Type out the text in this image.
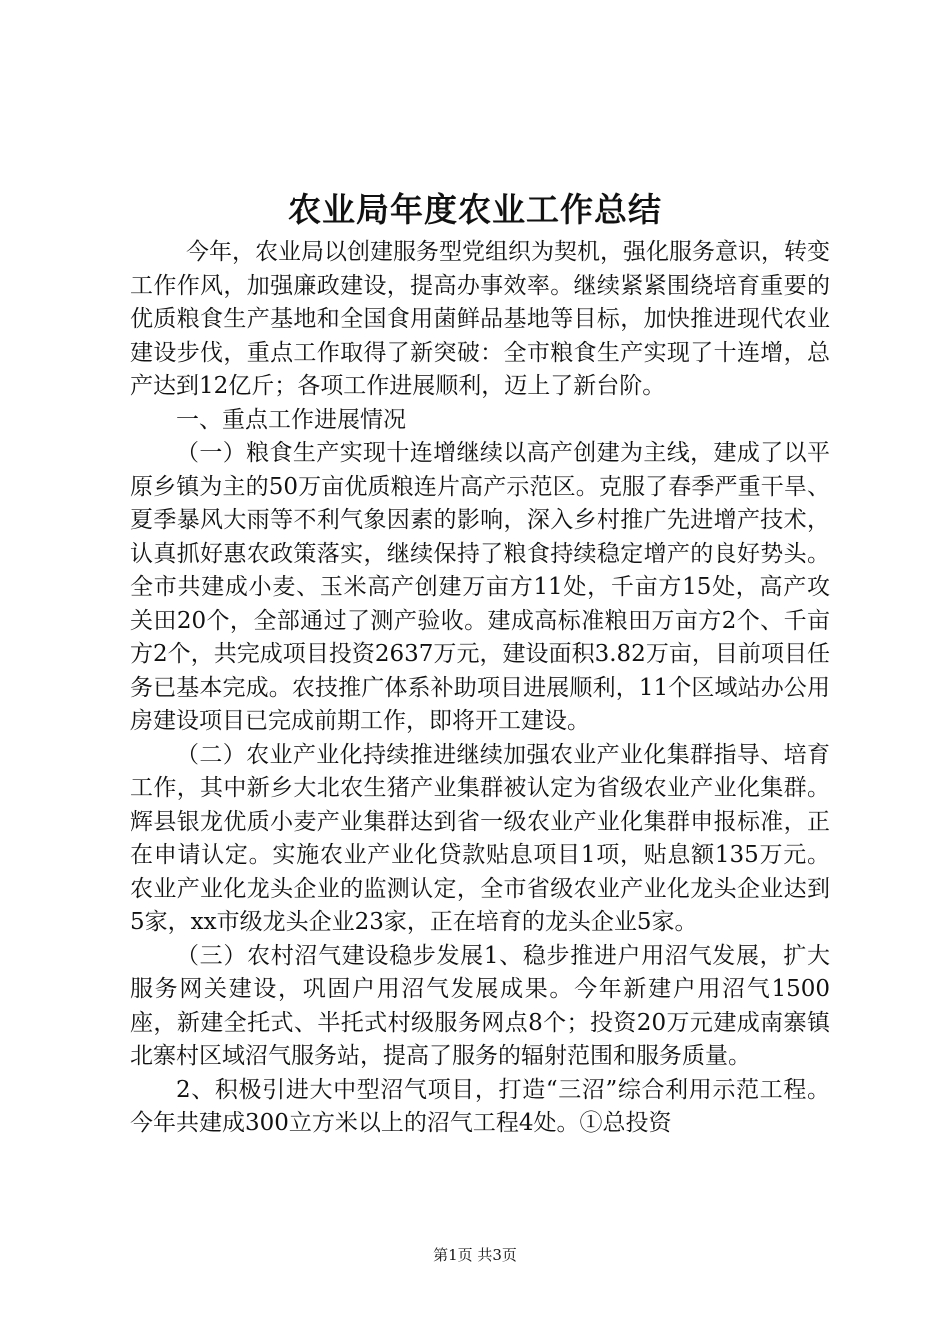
农业局年度农业工作总结

今年，农业局以创建服务型党组织为契机，强化服务意识，转变工作作风，加强廉政建设，提高办事效率。继续紧紧围绕培育重要的优质粮食生产基地和全国食用菌鲜品基地等目标，加快推进现代农业建设步伐，重点工作取得了新突破：全市粮食生产实现了十连增，总产达到12亿斤；各项工作进展顺利，迈上了新台阶。

一、重点工作进展情况

（一）粮食生产实现十连增继续以高产创建为主线，建成了以平原乡镇为主的50万亩优质粮连片高产示范区。克服了春季严重干旱、夏季暴风大雨等不利气象因素的影响，深入乡村推广先进增产技术，认真抓好惠农政策落实，继续保持了粮食持续稳定增产的良好势头。全市共建成小麦、玉米高产创建万亩方11处，千亩方15处，高产攻关田20个，全部通过了测产验收。建成高标准粮田万亩方2个、千亩方2个，共完成项目投资2637万元，建设面积3.82万亩，目前项目任务已基本完成。农技推广体系补助项目进展顺利，11个区域站办公用房建设项目已完成前期工作，即将开工建设。

（二）农业产业化持续推进继续加强农业产业化集群指导、培育工作，其中新乡大北农生猪产业集群被认定为省级农业产业化集群。辉县银龙优质小麦产业集群达到省一级农业产业化集群申报标准，正在申请认定。实施农业产业化贷款贴息项目1项，贴息额135万元。农业产业化龙头企业的监测认定，全市省级农业产业化龙头企业达到5家，xx市级龙头企业23家，正在培育的龙头企业5家。

（三）农村沼气建设稳步发展1、稳步推进户用沼气发展，扩大服务网关建设，巩固户用沼气发展成果。今年新建户用沼气1500座，新建全托式、半托式村级服务网点8个；投资20万元建成南寨镇北寨村区域沼气服务站，提高了服务的辐射范围和服务质量。

2、积极引进大中型沼气项目，打造“三沼”综合利用示范工程。今年共建成300立方米以上的沼气工程4处。①总投资

第1页 共3页
